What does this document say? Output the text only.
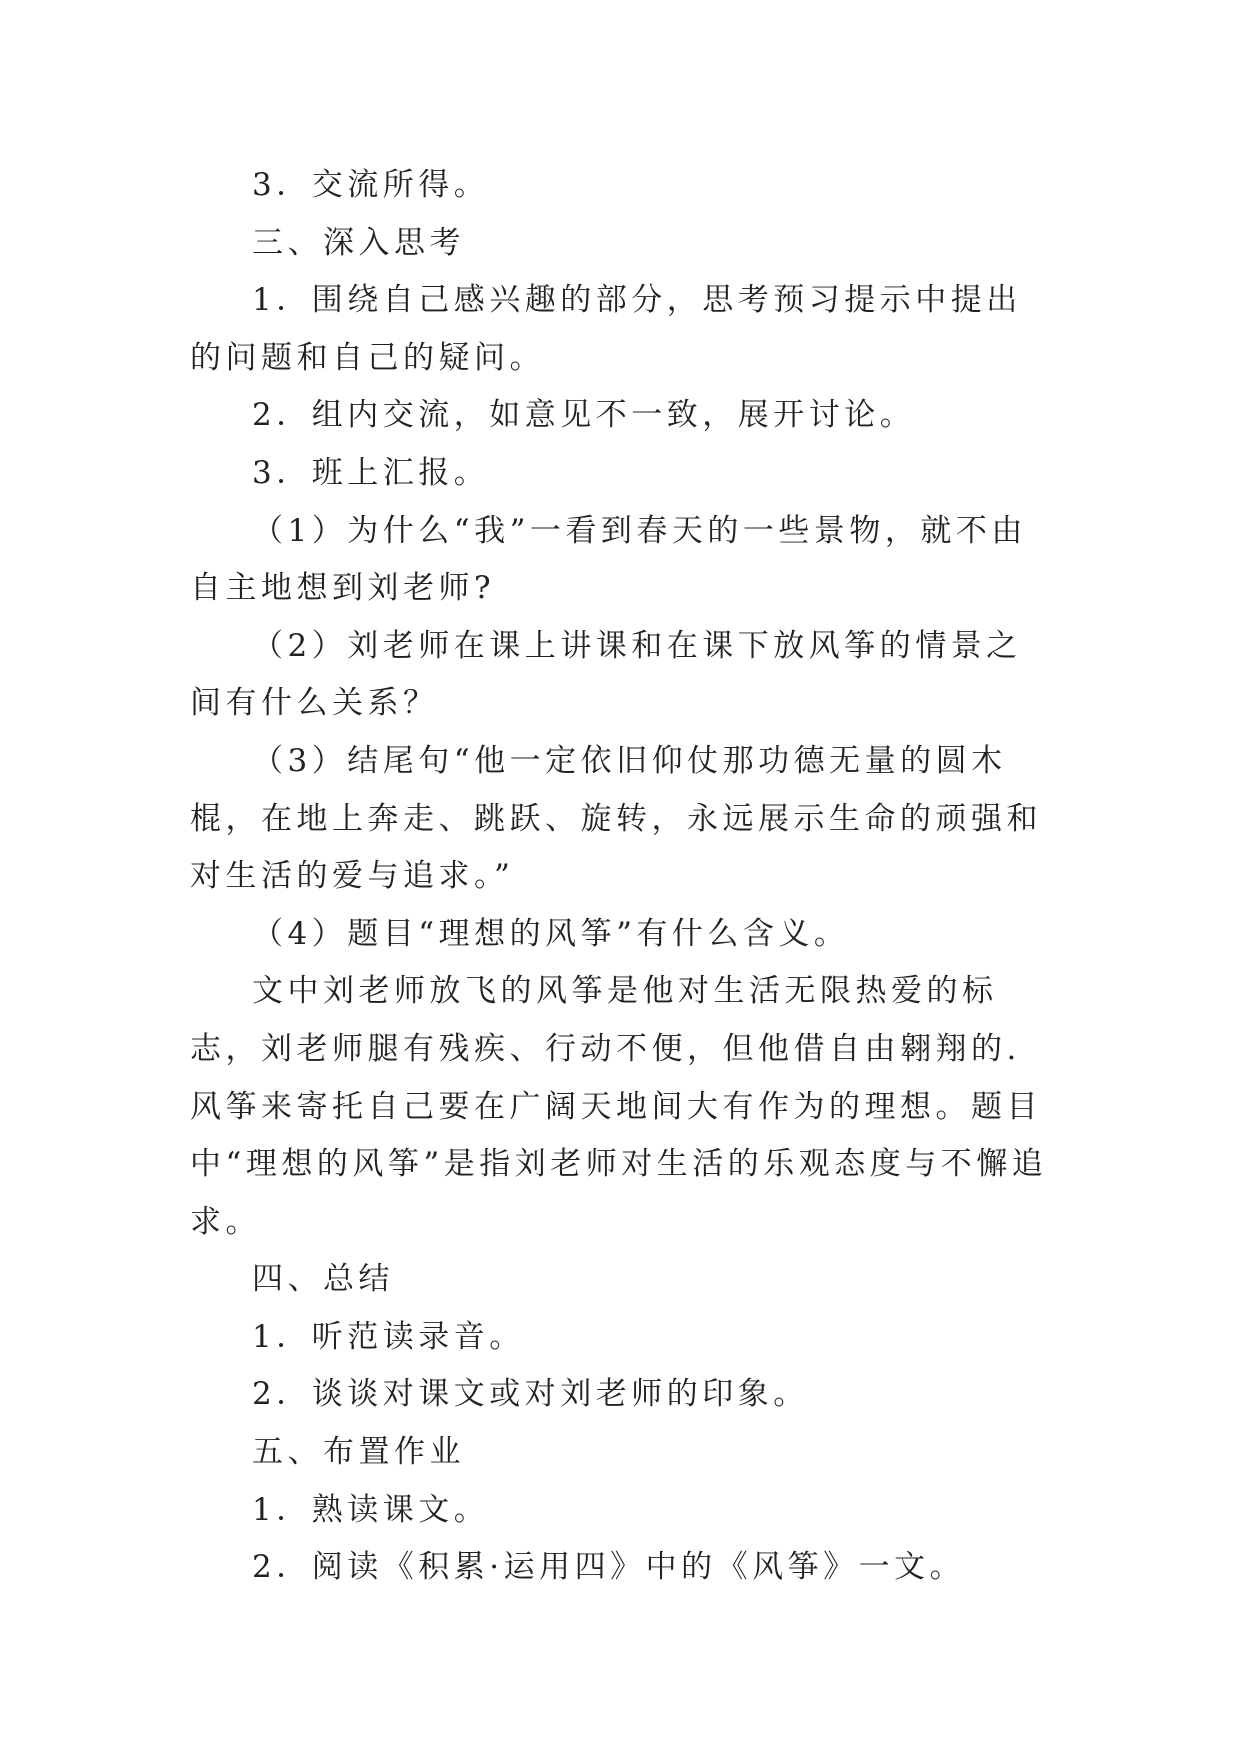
3．交流所得。

三、深入思考

1．围绕自己感兴趣的部分，思考预习提示中提出的问题和自己的疑问。

2．组内交流，如意见不一致，展开讨论。

3．班上汇报。

（1）为什么“我”一看到春天的一些景物，就不由自主地想到刘老师?

（2）刘老师在课上讲课和在课下放风筝的情景之间有什么关系？

（3）结尾句“他一定依旧仰仗那功德无量的圆木棍，在地上奔走、跳跃、旋转，永远展示生命的顽强和对生活的爱与追求。”

（4）题目“理想的风筝”有什么含义。

文中刘老师放飞的风筝是他对生活无限热爱的标志，刘老师腿有残疾、行动不便，但他借自由翱翔的.风筝来寄托自己要在广阔天地间大有作为的理想。题目中“理想的风筝”是指刘老师对生活的乐观态度与不懈追求。

四、总结

1．听范读录音。

2．谈谈对课文或对刘老师的印象。

五、布置作业

1．熟读课文。

2．阅读《积累·运用四》中的《风筝》一文。
